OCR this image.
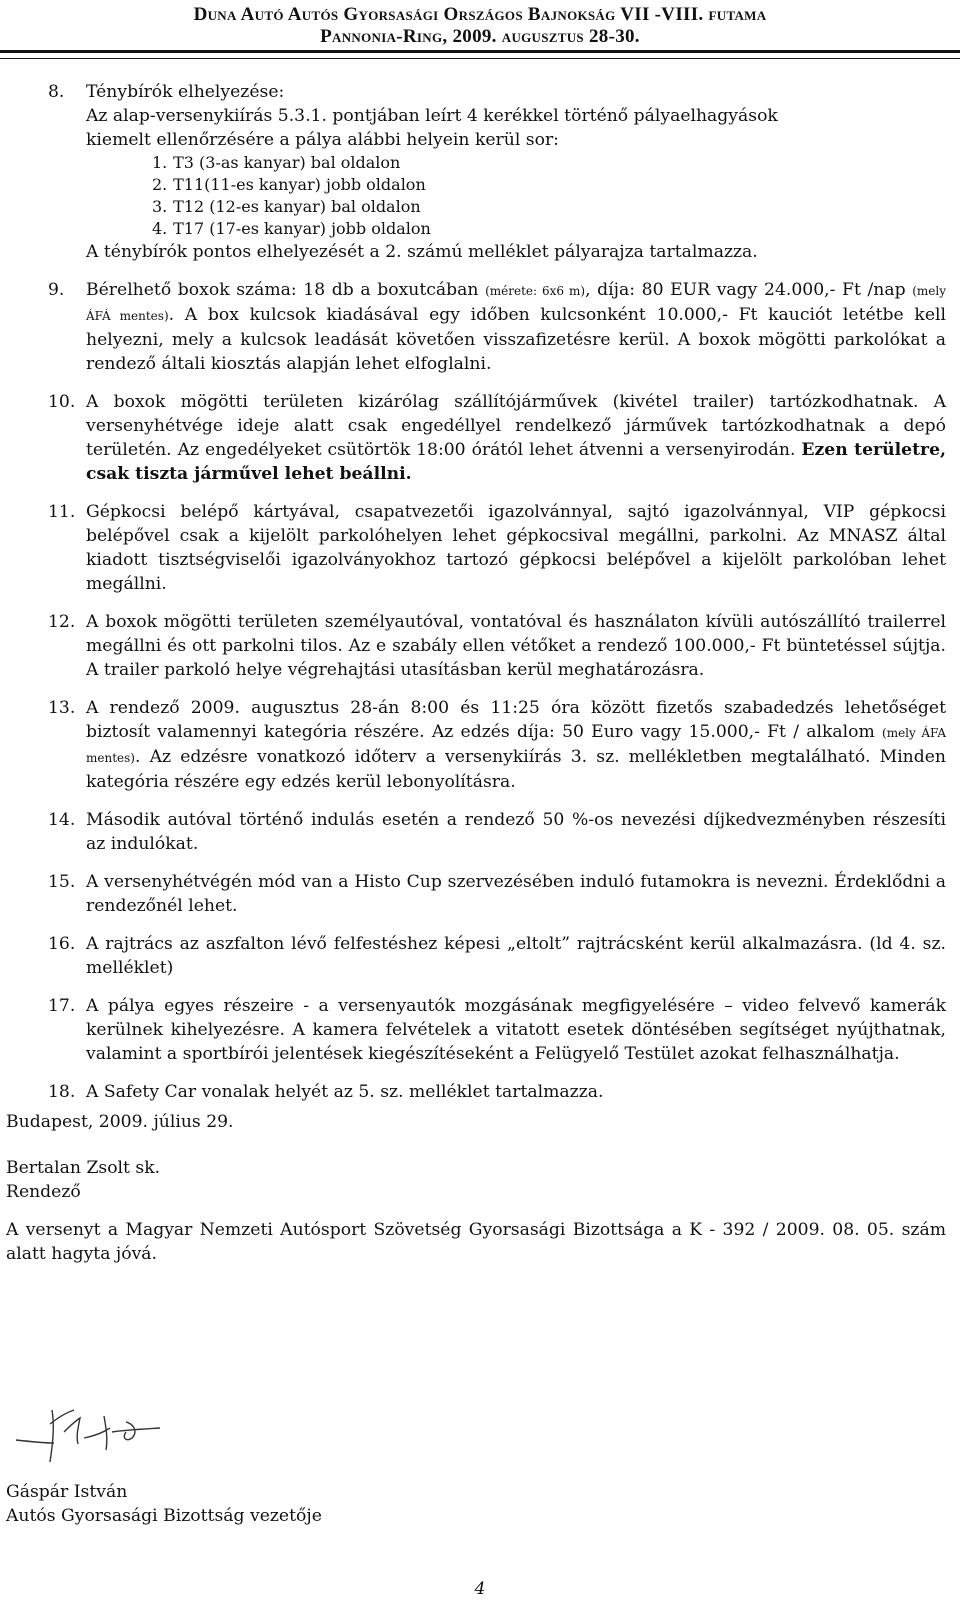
Duna Autó Autós Gyorsasági Országos Bajnokság VII -VIII. futama
Pannonia-Ring, 2009. augusztus 28-30.
8.	Ténybírók elhelyezése:
Az alap-versenykiírás 5.3.1. pontjában leírt 4 kerékkel történő pályaelhagyások
kiemelt ellenőrzésére a pálya alábbi helyein kerül sor:
1. T3 (3-as kanyar) bal oldalon
2. T11(11-es kanyar) jobb oldalon
3. T12 (12-es kanyar) bal oldalon
4. T17 (17-es kanyar) jobb oldalon
A ténybírók pontos elhelyezését a 2. számú melléklet pályarajza tartalmazza.
9.	Bérelhető boxok száma: 18 db a boxutcában (mérete: 6x6 m), díja: 80 EUR vagy 24.000,- Ft /nap (mely ÁFÁ mentes). A box kulcsok kiadásával egy időben kulcsonként 10.000,- Ft kauciót letétbe kell helyezni, mely a kulcsok leadását követően visszafizetésre kerül. A boxok mögötti parkolókat a rendező általi kiosztás alapján lehet elfoglalni.
10. A boxok mögötti területen kizárólag szállítójárművek (kivétel trailer) tartózkodhatnak. A versenyhétvége ideje alatt csak engedéllyel rendelkező járművek tartózkodhatnak a depó területén. Az engedélyeket csütörtök 18:00 órától lehet átvenni a versenyirodán. Ezen területre, csak tiszta járművel lehet beállni.
11. Gépkocsi belépő kártyával, csapatvezetői igazolvánnyal, sajtó igazolvánnyal, VIP gépkocsi belépővel csak a kijelölt parkolóhelyen lehet gépkocsival megállni, parkolni. Az MNASZ által kiadott tisztségviselői igazolványokhoz tartozó gépkocsi belépővel a kijelölt parkolóban lehet megállni.
12. A boxok mögötti területen személyautóval, vontatóval és használaton kívüli autószállító trailerrel megállni és ott parkolni tilos. Az e szabály ellen vétőket a rendező 100.000,- Ft büntetéssel sújtja. A trailer parkoló helye végrehajtási utasításban kerül meghatározásra.
13. A rendező 2009. augusztus 28-án 8:00 és 11:25 óra között fizetős szabadedzés lehetőséget biztosít valamennyi kategória részére. Az edzés díja: 50 Euro vagy 15.000,- Ft / alkalom (mely ÁFA mentes). Az edzésre vonatkozó időterv a versenykiírás 3. sz. mellékletben megtalálható. Minden kategória részére egy edzés kerül lebonyolításra.
14. Második autóval történő indulás esetén a rendező 50 %-os nevezési díjkedvezményben részesíti az indulókat.
15. A versenyhétvégén mód van a Histo Cup szervezésében induló futamokra is nevezni. Érdeklődni a rendezőnél lehet.
16. A rajtrács az aszfalton lévő felfestéshez képesi „eltolt” rajtrácsként kerül alkalmazásra. (ld 4. sz. melléklet)
17. A pálya egyes részeire - a versenyautók mozgásának megfigyelésére – video felvevő kamerák kerülnek kihelyezésre. A kamera felvételek a vitatott esetek döntésében segítséget nyújthatnak, valamint a sportbírói jelentések kiegészítéseként a Felügyelő Testület azokat felhasználhatja.
18. A Safety Car vonalak helyét az 5. sz. melléklet tartalmazza.
Budapest, 2009. július 29.
Bertalan Zsolt sk.
Rendező
A versenyt a Magyar Nemzeti Autósport Szövetség Gyorsasági Bizottsága a K - 392 / 2009. 08. 05. szám alatt hagyta jóvá.
Gáspár István
Autós Gyorsasági Bizottság vezetője
4
